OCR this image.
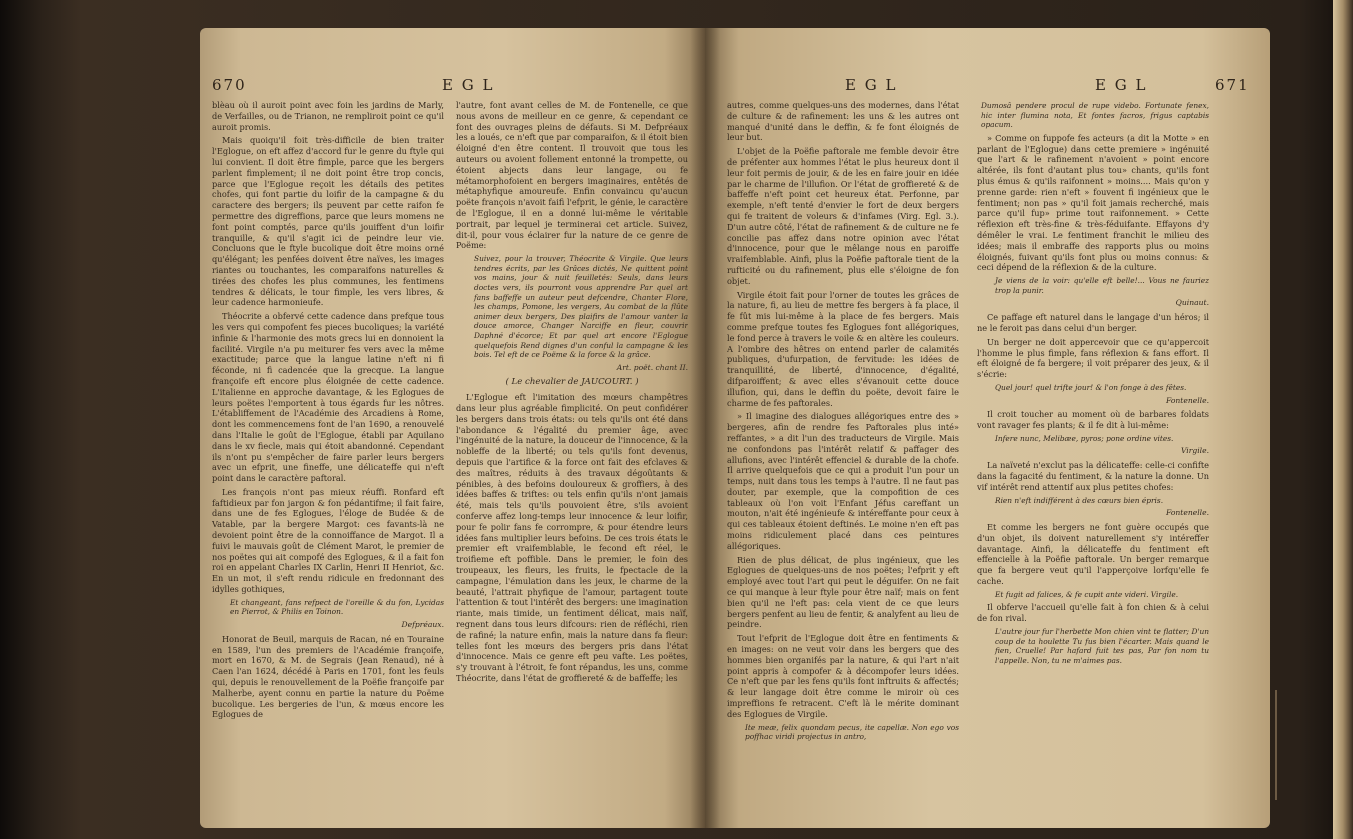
670	E G L

blèau où il auroit point avec foin les jardins de Marly, de Verfailles, ou de Trianon, ne rempliroit point ce qu'il auroit promis.

Mais quoiqu'il foit très-difficile de bien traiter l'Eglogue, on eft affez d'accord fur le genre du ftyle qui lui convient. Il doit être fimple, parce que les bergers parlent fimplement; il ne doit point être trop concis, parce que l'Eglogue reçoit les détails des petites chofes, qui font partie du loifir de la campagne & du caractere des bergers; ils peuvent par cette raifon fe permettre des digreffions, parce que leurs momens ne font point comptés, parce qu'ils jouiffent d'un loifir tranquille, & qu'il s'agit ici de peindre leur vie. Concluons que le ftyle bucolique doit être moins orné qu'élégant; les penfées doivent être naïves, les images riantes ou touchantes, les comparaifons naturelles & tirées des chofes les plus communes, les fentimens tendres & délicats, le tour fimple, les vers libres, & leur cadence harmonieufe.

Théocrite a obfervé cette cadence dans prefque tous les vers qui compofent fes pieces bucoliques; la variété infinie & l'harmonie des mots grecs lui en donnoient la facilité. Virgile n'a pu meiturer fes vers avec la même exactitude; parce que la langue latine n'eft ni fi féconde, ni fi cadencée que la grecque. La langue françoife eft encore plus éloignée de cette cadence. L'italienne en approche davantage, & les Eglogues de leurs poëtes l'emportent à tous égards fur les nôtres. L'établiffement de l'Académie des Arcadiens à Rome, dont les commencemens font de l'an 1690, a renouvelé dans l'Italie le goût de l'Eglogue, établi par Aquilano dans le xv fiecle, mais qui étoit abandonné. Cependant ils n'ont pu s'empêcher de faire parler leurs bergers avec un efprit, une fineffe, une délicateffe qui n'eft point dans le caractère paftoral.

Les françois n'ont pas mieux réuffi. Ronfard eft faftidieux par fon jargon & fon pédantifme; il fait faire, dans une de fes Eglogues, l'éloge de Budée & de Vatable, par la bergere Margot: ces favants-là ne devoient point être de la connoiffance de Margot. Il a fuivi le mauvais goût de Clément Marot, le premier de nos poëtes qui ait compofé des Eglogues, & il a fait fon roi en appelant Charles IX Carlin, Henri II Henriot, &c. En un mot, il s'eft rendu ridicule en fredonnant des idylles gothiques,

Et changeant, fans refpect de l'oreille & du fon, Lycidas en Pierrot, & Philis en Toinon.

Defpréaux.

Honorat de Beuil, marquis de Racan, né en Touraine en 1589, l'un des premiers de l'Académie françoife, mort en 1670, & M. de Segrais (Jean Renaud), né à Caen l'an 1624, décédé à Paris en 1701, font les feuls qui, depuis le renouvellement de la Poëfie françoife par Malherbe, ayent connu en partie la nature du Poëme bucolique. Les bergeries de l'un, & mœus encore les Eglogues de

l'autre, font avant celles de M. de Fontenelle, ce que nous avons de meilleur en ce genre, & cependant ce font des ouvrages pleins de défauts. Si M. Defpréaux les a loués, ce n'eft que par comparaifon, & il étoit bien éloigné d'en être content. Il trouvoit que tous les auteurs ou avoient follement entonné la trompette, ou étoient abjects dans leur langage, ou fe métamorphofoient en bergers imaginaires, entêtés de métaphyfique amoureufe. Enfin convaincu qu'aucun poëte françois n'avoit faifi l'efprit, le génie, le caractère de l'Eglogue, il en a donné lui-même le véritable portrait, par lequel je terminerai cet article. Suivez, dit-il, pour vous éclairer fur la nature de ce genre de Poëme:

Suivez, pour la trouver, Théocrite & Virgile. Que leurs tendres écrits, par les Grâces dictés, Ne quittent point vos mains, jour & nuit feuilletés: Seuls, dans leurs doctes vers, ils pourront vous apprendre Par quel art fans baffeffe un auteur peut defcendre, Chanter Flore, les champs, Pomone, les vergers, Au combat de la flûte animer deux bergers, Des plaifirs de l'amour vanter la douce amorce, Changer Narciffe en fleur, couvrir Daphné d'écorce; Et par quel art encore l'Eglogue quelquefois Rend dignes d'un conful la campagne & les bois. Tel eft de ce Poëme & la force & la grâce.

Art. poët. chant II.

( Le chevalier de JAUCOURT. )

L'Eglogue eft l'imitation des mœurs champêtres dans leur plus agréable fimplicité. On peut confidérer les bergers dans trois états: ou tels qu'ils ont été dans l'abondance & l'égalité du premier âge, avec l'ingénuité de la nature, la douceur de l'innocence, & la nobleffe de la liberté; ou tels qu'ils font devenus, depuis que l'artifice & la force ont fait des efclaves & des maîtres, réduits à des travaux dégoûtants & pénibles, à des befoins douloureux & groffiers, à des idées baffes & triftes: ou tels enfin qu'ils n'ont jamais été, mais tels qu'ils pouvoient être, s'ils avoient conferve affez long-temps leur innocence & leur loifir, pour fe polir fans fe corrompre, & pour étendre leurs idées fans multiplier leurs befoins. De ces trois états le premier eft vraifemblable, le fecond eft réel, le troifieme eft poffible. Dans le premier, le foin des troupeaux, les fleurs, les fruits, le fpectacle de la campagne, l'émulation dans les jeux, le charme de la beauté, l'attrait phyfique de l'amour, partagent toute l'attention & tout l'intérêt des bergers: une imagination riante, mais timide, un fentiment délicat, mais naïf, regnent dans tous leurs difcours: rien de réfléchi, rien de rafiné; la nature enfin, mais la nature dans fa fleur: telles font les mœurs des bergers pris dans l'état d'innocence. Mais ce genre eft peu vafte. Les poëtes, s'y trouvant à l'étroit, fe font répandus, les uns, comme Théocrite, dans l'état de groffiereté & de baffeffe; les

E G L	E G L	671

autres, comme quelques-uns des modernes, dans l'état de culture & de rafinement: les uns & les autres ont manqué d'unité dans le deffin, & fe font éloignés de leur but.

L'objet de la Poëfie paftorale me femble devoir être de préfenter aux hommes l'état le plus heureux dont il leur foit permis de jouir, & de les en faire jouir en idée par le charme de l'illufion. Or l'état de groffiereté & de baffeffe n'eft point cet heureux état. Perfonne, par exemple, n'eft tenté d'envier le fort de deux bergers qui fe traitent de voleurs & d'infames (Virg. Egl. 3.). D'un autre côté, l'état de rafinement & de culture ne fe concilie pas affez dans notre opinion avec l'état d'innocence, pour que le mêlange nous en paroiffe vraifemblable. Ainfi, plus la Poëfie paftorale tient de la rufticité ou du rafinement, plus elle s'éloigne de fon objet.

Virgile étoit fait pour l'orner de toutes les grâces de la nature, fi, au lieu de mettre fes bergers à fa place, il fe fût mis lui-même à la place de fes bergers. Mais comme prefque toutes fes Eglogues font allégoriques, le fond perce à travers le voile & en altère les couleurs. A l'ombre des hêtres on entend parler de calamités publiques, d'ufurpation, de fervitude: les idées de tranquillité, de liberté, d'innocence, d'égalité, difparoiffent; & avec elles s'évanouit cette douce illufion, qui, dans le deffin du poëte, devoit faire le charme de fes paftorales.

» Il imagine des dialogues allégoriques entre des » bergeres, afin de rendre fes Paftorales plus inté» reffantes, » a dit l'un des traducteurs de Virgile. Mais ne confondons pas l'intérêt relatif & paffager des allufions, avec l'intérêt effenciel & durable de la chofe. Il arrive quelquefois que ce qui a produit l'un pour un temps, nuit dans tous les temps à l'autre. Il ne faut pas douter, par exemple, que la compofition de ces tableaux où l'on voit l'Enfant Jéfus careffant un mouton, n'ait été ingénieufe & intéreffante pour ceux à qui ces tableaux étoient deftinés. Le moine n'en eft pas moins ridiculement placé dans ces peintures allégoriques.

Rien de plus délicat, de plus ingénieux, que les Eglogues de quelques-uns de nos poëtes; l'efprit y eft employé avec tout l'art qui peut le déguifer. On ne fait ce qui manque à leur ftyle pour être naïf; mais on fent bien qu'il ne l'eft pas: cela vient de ce que leurs bergers penfent au lieu de fentir, & analyfent au lieu de peindre.

Tout l'efprit de l'Eglogue doit être en fentiments & en images: on ne veut voir dans les bergers que des hommes bien organifés par la nature, & qui l'art n'ait point appris à compofer & à décompofer leurs idées. Ce n'eft que par les fens qu'ils font inftruits & affectés; & leur langage doit être comme le miroir où ces impreffions fe retracent. C'eft là le mérite dominant des Eglogues de Virgile.

Ite meæ, felix quondam pecus, ite capellæ. Non ego vos poffhac viridi projectus in antro,

Dumosâ pendere procul de rupe videbo. Fortunate fenex, hic inter flumina nota, Et fontes facros, frigus captabis opacum.

» Comme on fuppofe fes acteurs (a dit la Motte » en parlant de l'Eglogue) dans cette premiere » ingénuité que l'art & le rafinement n'avoient » point encore altérée, ils font d'autant plus tou» chants, qu'ils font plus émus & qu'ils raifonnent » moins.... Mais qu'on y prenne garde: rien n'eft » fouvent fi ingénieux que le fentiment; non pas » qu'il foit jamais recherché, mais parce qu'il fup» prime tout raifonnement. » Cette réflexion eft très-fine & très-féduifante. Effayons d'y démêler le vrai. Le fentiment franchit le milieu des idées; mais il embraffe des rapports plus ou moins éloignés, fuivant qu'ils font plus ou moins connus: & ceci dépend de la réflexion & de la culture.

Je viens de la voir: qu'elle eft belle!... Vous ne fauriez trop la punir.

Quinaut.

Ce paffage eft naturel dans le langage d'un héros; il ne le feroit pas dans celui d'un berger.

Un berger ne doit appercevoir que ce qu'appercoit l'homme le plus fimple, fans réflexion & fans effort. Il eft éloigné de fa bergere; il voit préparer des jeux, & il s'écrie:

Quel jour! quel trifte jour! & l'on fonge à des fêtes.

Fontenelle.

Il croit toucher au moment où de barbares foldats vont ravager fes plants; & il fe dit à lui-même:

Infere nunc, Melibæe, pyros; pone ordine vites.

Virgile.

La naïveté n'exclut pas la délicateffe: celle-ci confifte dans la fagacité du fentiment, & la nature la donne. Un vif intérêt rend attentif aux plus petites chofes:

Rien n'eft indifférent à des cœurs bien épris.

Fontenelle.

Et comme les bergers ne font guère occupés que d'un objet, ils doivent naturellement s'y intéreffer davantage. Ainfi, la délicateffe du fentiment eft effencielle à la Poëfie paftorale. Un berger remarque que fa bergere veut qu'il l'apperçoive lorfqu'elle fe cache.

Et fugit ad falices, & fe cupit ante videri. Virgile.

Il obferve l'accueil qu'elle fait à fon chien & à celui de fon rival.

L'autre jour fur l'herbette Mon chien vint te flatter; D'un coup de ta houlette Tu fus bien l'écarter. Mais quand le fien, Cruelle! Par hafard fuit tes pas, Par fon nom tu l'appelle. Non, tu ne m'aimes pas.
